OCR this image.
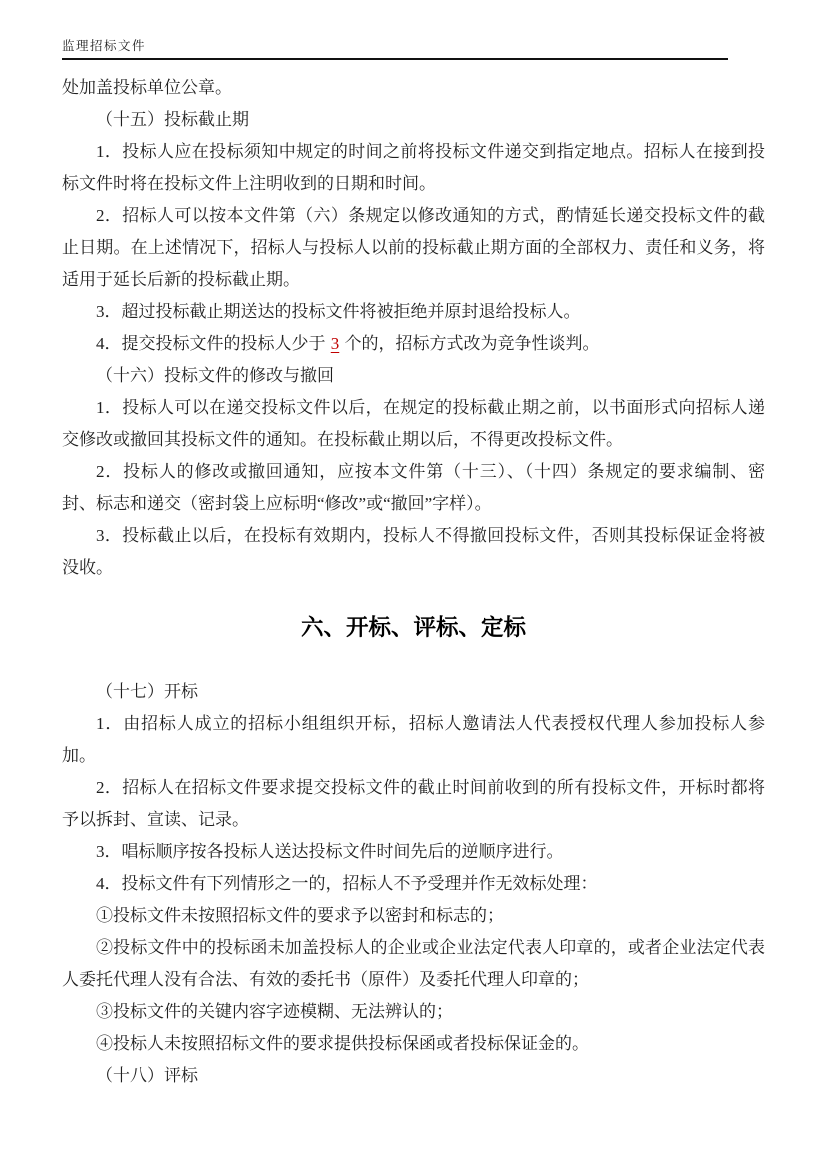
监理招标文件

处加盖投标单位公章。

（十五）投标截止期

1．投标人应在投标须知中规定的时间之前将投标文件递交到指定地点。招标人在接到投标文件时将在投标文件上注明收到的日期和时间。

2．招标人可以按本文件第（六）条规定以修改通知的方式，酌情延长递交投标文件的截止日期。在上述情况下，招标人与投标人以前的投标截止期方面的全部权力、责任和义务，将适用于延长后新的投标截止期。

3．超过投标截止期送达的投标文件将被拒绝并原封退给投标人。

4．提交投标文件的投标人少于 3 个的，招标方式改为竞争性谈判。

（十六）投标文件的修改与撤回

1．投标人可以在递交投标文件以后，在规定的投标截止期之前，以书面形式向招标人递交修改或撤回其投标文件的通知。在投标截止期以后，不得更改投标文件。

2．投标人的修改或撤回通知，应按本文件第（十三）、（十四）条规定的要求编制、密封、标志和递交（密封袋上应标明“修改”或“撤回”字样）。

3．投标截止以后，在投标有效期内，投标人不得撤回投标文件，否则其投标保证金将被没收。

六、开标、评标、定标

（十七）开标

1．由招标人成立的招标小组组织开标，招标人邀请法人代表授权代理人参加投标人参加。

2．招标人在招标文件要求提交投标文件的截止时间前收到的所有投标文件，开标时都将予以拆封、宣读、记录。

3．唱标顺序按各投标人送达投标文件时间先后的逆顺序进行。

4．投标文件有下列情形之一的，招标人不予受理并作无效标处理：

①投标文件未按照招标文件的要求予以密封和标志的；

②投标文件中的投标函未加盖投标人的企业或企业法定代表人印章的，或者企业法定代表人委托代理人没有合法、有效的委托书（原件）及委托代理人印章的；

③投标文件的关键内容字迹模糊、无法辨认的；

④投标人未按照招标文件的要求提供投标保函或者投标保证金的。

（十八）评标
